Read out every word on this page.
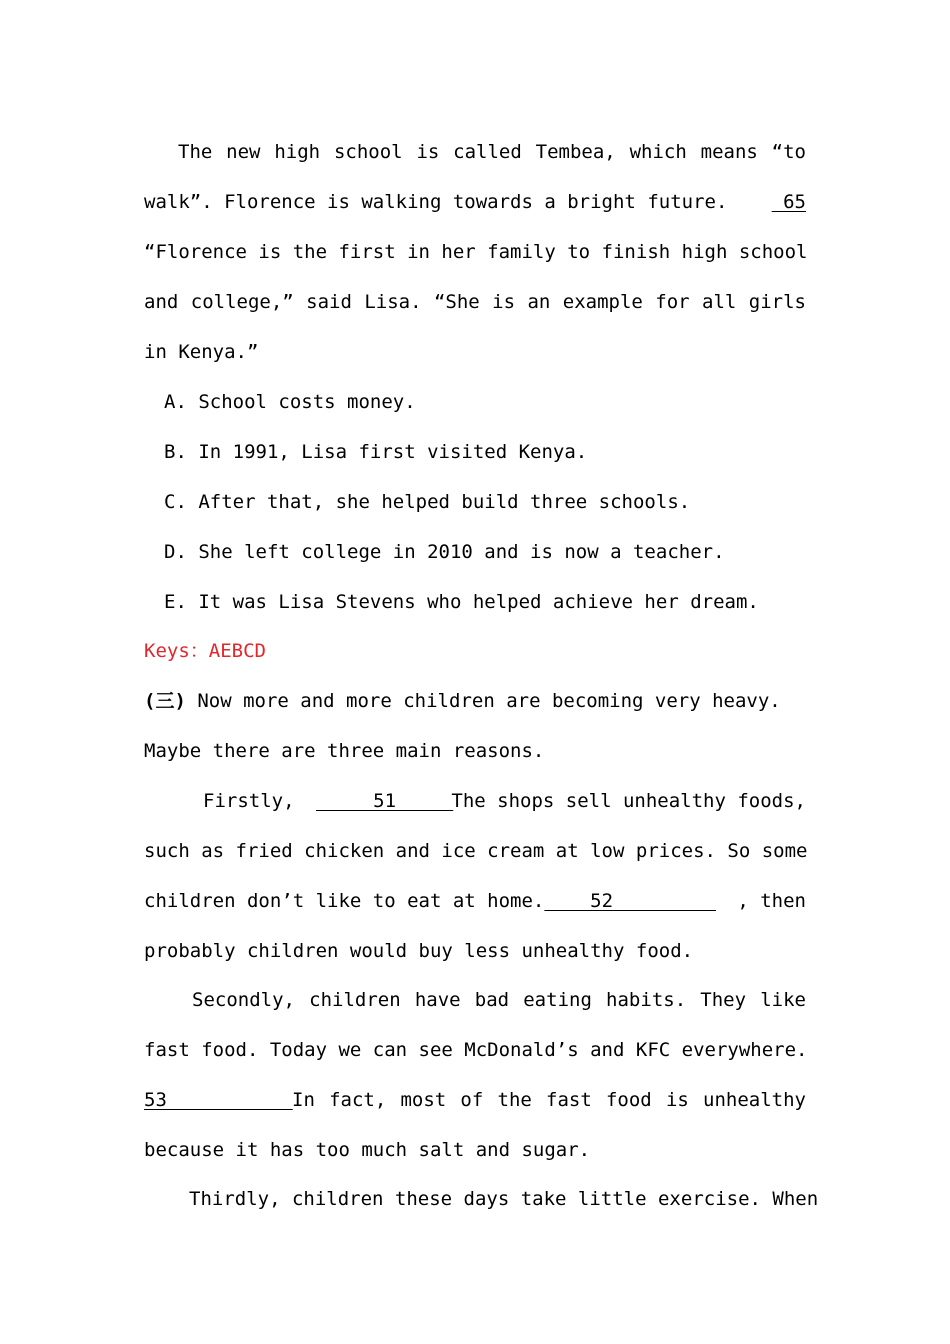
The new high school is called Tembea, which means “to
walk”. Florence is walking towards a bright future. 65
“Florence is the first in her family to finish high school
and college,” said Lisa. “She is an example for all girls
in Kenya.”
A. School costs money.
B. In 1991, Lisa first visited Kenya.
C. After that, she helped build three schools.
D. She left college in 2010 and is now a teacher.
E. It was Lisa Stevens who helped achieve her dream.
Keys：AEBCD
(三) Now more and more children are becoming very heavy.
Maybe there are three main reasons.
Firstly,      51
The shops sell unhealthy foods,
such as fried chicken and ice cream at low prices. So some
children don’t like to eat at home.    52 , then
probably children would buy less unhealthy food.
Secondly, children have bad eating habits. They like
fast food. Today we can see McDonald’s and KFC everywhere.
53 In fact, most of the fast food is unhealthy
because it has too much salt and sugar.
Thirdly, children these days take little exercise. When
